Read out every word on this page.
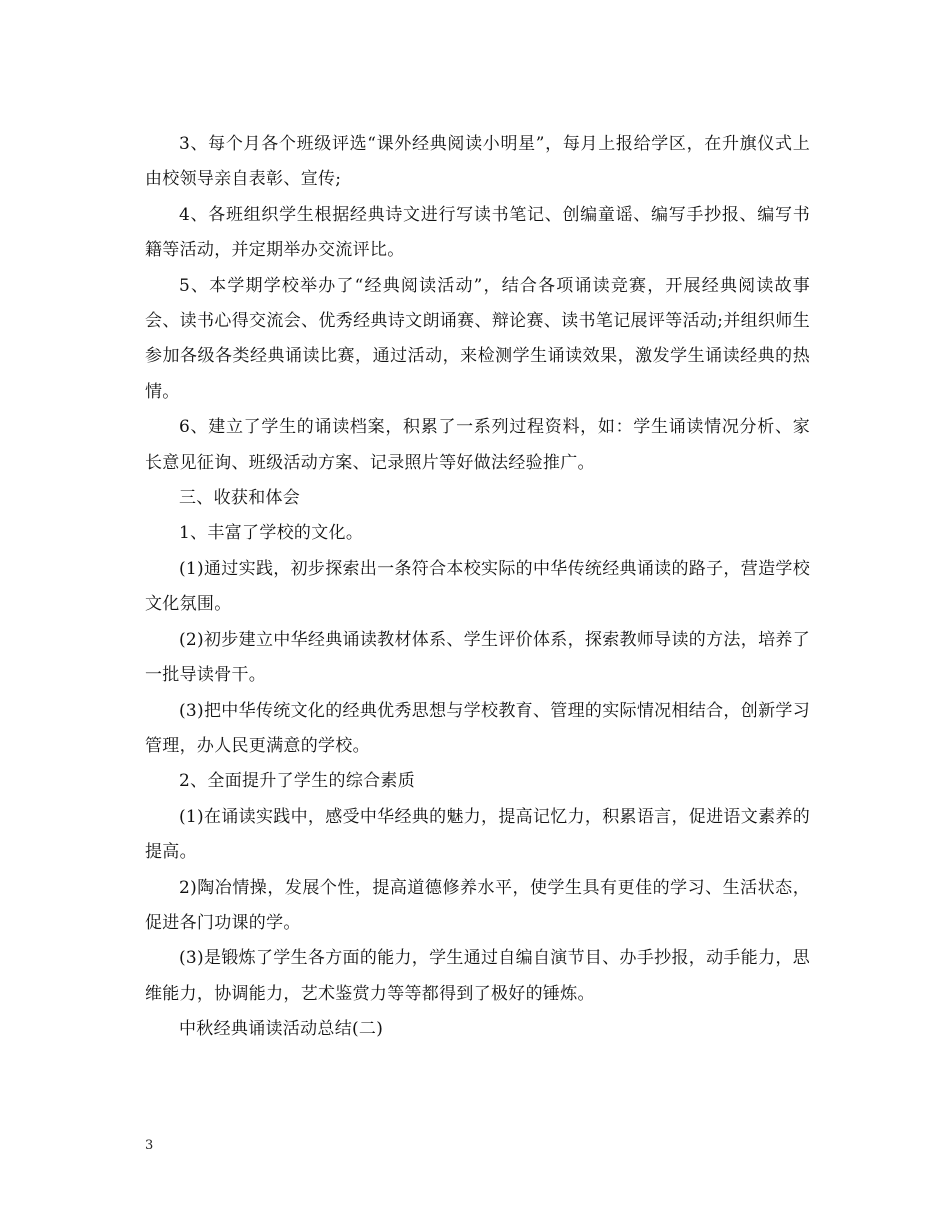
3、每个月各个班级评选“课外经典阅读小明星”，每月上报给学区，在升旗仪式上由校领导亲自表彰、宣传;

4、各班组织学生根据经典诗文进行写读书笔记、创编童谣、编写手抄报、编写书籍等活动，并定期举办交流评比。

5、本学期学校举办了“经典阅读活动”，结合各项诵读竞赛，开展经典阅读故事会、读书心得交流会、优秀经典诗文朗诵赛、辩论赛、读书笔记展评等活动;并组织师生参加各级各类经典诵读比赛，通过活动，来检测学生诵读效果，激发学生诵读经典的热情。

6、建立了学生的诵读档案，积累了一系列过程资料，如：学生诵读情况分析、家长意见征询、班级活动方案、记录照片等好做法经验推广。

三、收获和体会

1、丰富了学校的文化。

(1)通过实践，初步探索出一条符合本校实际的中华传统经典诵读的路子，营造学校文化氛围。

(2)初步建立中华经典诵读教材体系、学生评价体系，探索教师导读的方法，培养了一批导读骨干。

(3)把中华传统文化的经典优秀思想与学校教育、管理的实际情况相结合，创新学习管理，办人民更满意的学校。

2、全面提升了学生的综合素质

(1)在诵读实践中，感受中华经典的魅力，提高记忆力，积累语言，促进语文素养的提高。

2)陶冶情操，发展个性，提高道德修养水平，使学生具有更佳的学习、生活状态，促进各门功课的学。

(3)是锻炼了学生各方面的能力，学生通过自编自演节目、办手抄报，动手能力，思维能力，协调能力，艺术鉴赏力等等都得到了极好的锤炼。

中秋经典诵读活动总结(二)

3
